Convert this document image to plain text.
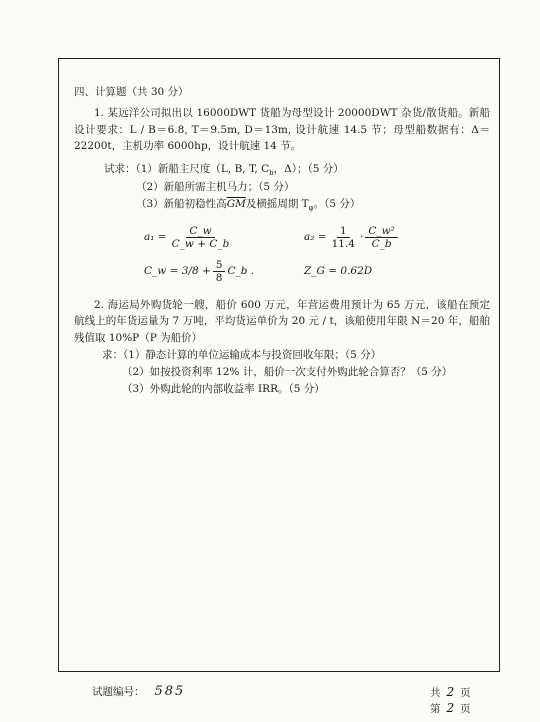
四、计算题（共 30 分）

1. 某远洋公司拟出以 16000DWT 货船为母型设计 20000DWT 杂货/散货船。新船设计要求：L / B＝6.8, T＝9.5m, D＝13m, 设计航速 14.5 节；母型船数据有：Δ＝22200t，主机功率 6000hp，设计航速 14 节。

试求：（1）新船主尺度（L, B, T, $C_b$，Δ）；（5 分）

（2）新船所需主机马力；（5 分）

（3）新船初稳性高$\overline{GM}$及横摇周期 $T_\varphi$。（5 分）

$a_1 = \frac{C\_w}{C\_w + C\_b}$	$a_2 = \frac{1}{11.4} \cdot \frac{\text{C\_w²}}{C\_b}$
C_w = $3/8 + \frac{5}{8}$ C_b .	Z_G = 0.62D

2. 海运局外购货轮一艘，船价 600 万元，年营运费用预计为 65 万元，该船在预定航线上的年货运量为 7 万吨，平均货运单价为 20 元 / t，该船使用年限 N＝20 年，船舶残值取 10%P（P 为船价）

求：（1）静态计算的单位运输成本与投资回收年限；（5 分）

（2）如按投资利率 12% 计，船价一次支付外购此轮合算否？（5 分）

（3）外购此轮的内部收益率 IRR。（5 分）

试题编号： 585	共 2 页
第 2 页
